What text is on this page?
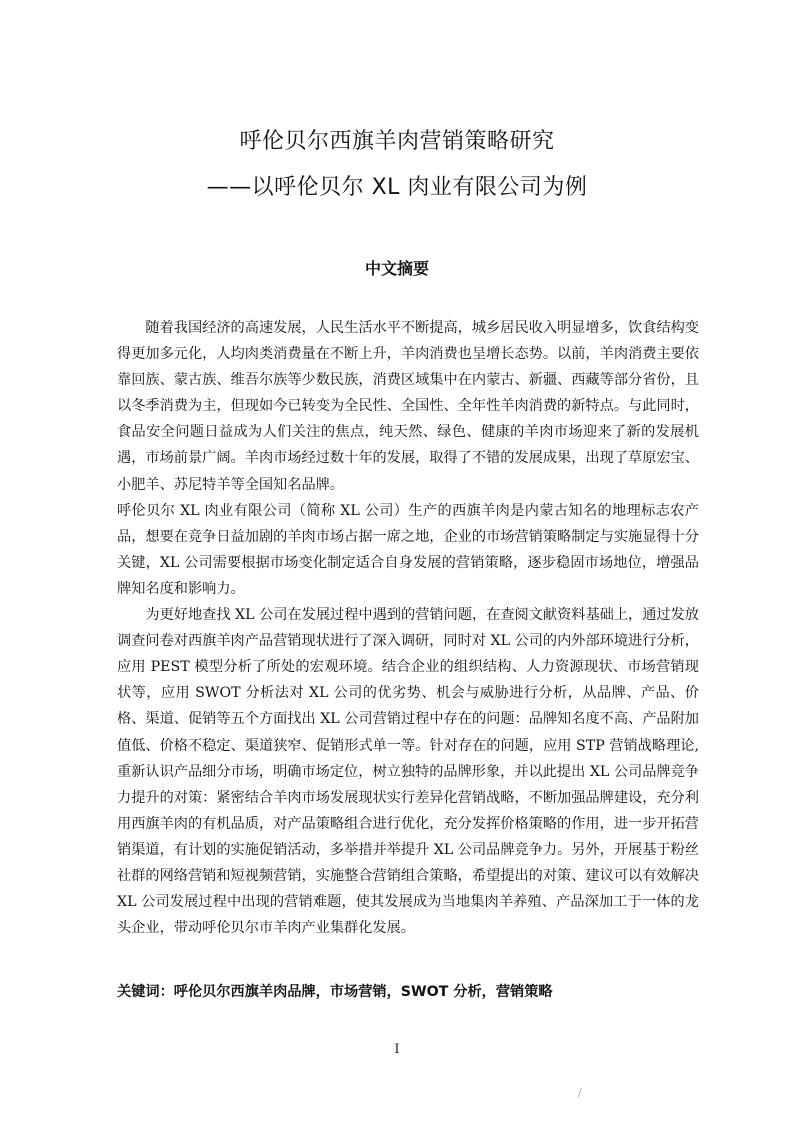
呼伦贝尔西旗羊肉营销策略研究
——以呼伦贝尔 XL 肉业有限公司为例
中文摘要

随着我国经济的高速发展，人民生活水平不断提高，城乡居民收入明显增多，饮食结构变得更加多元化，人均肉类消费量在不断上升，羊肉消费也呈增长态势。以前，羊肉消费主要依靠回族、蒙古族、维吾尔族等少数民族，消费区域集中在内蒙古、新疆、西藏等部分省份，且以冬季消费为主，但现如今已转变为全民性、全国性、全年性羊肉消费的新特点。与此同时，食品安全问题日益成为人们关注的焦点，纯天然、绿色、健康的羊肉市场迎来了新的发展机遇，市场前景广阔。羊肉市场经过数十年的发展，取得了不错的发展成果，出现了草原宏宝、小肥羊、苏尼特羊等全国知名品牌。

呼伦贝尔 XL 肉业有限公司（简称 XL 公司）生产的西旗羊肉是内蒙古知名的地理标志农产品，想要在竞争日益加剧的羊肉市场占据一席之地，企业的市场营销策略制定与实施显得十分关键，XL 公司需要根据市场变化制定适合自身发展的营销策略，逐步稳固市场地位，增强品牌知名度和影响力。

为更好地查找 XL 公司在发展过程中遇到的营销问题，在查阅文献资料基础上，通过发放调查问卷对西旗羊肉产品营销现状进行了深入调研，同时对 XL 公司的内外部环境进行分析，应用 PEST 模型分析了所处的宏观环境。结合企业的组织结构、人力资源现状、市场营销现状等，应用 SWOT 分析法对 XL 公司的优劣势、机会与威胁进行分析，从品牌、产品、价格、渠道、促销等五个方面找出 XL 公司营销过程中存在的问题：品牌知名度不高、产品附加值低、价格不稳定、渠道狭窄、促销形式单一等。针对存在的问题，应用 STP 营销战略理论, 重新认识产品细分市场，明确市场定位，树立独特的品牌形象，并以此提出 XL 公司品牌竞争力提升的对策：紧密结合羊肉市场发展现状实行差异化营销战略，不断加强品牌建设，充分利用西旗羊肉的有机品质，对产品策略组合进行优化，充分发挥价格策略的作用，进一步开拓营销渠道，有计划的实施促销活动，多举措并举提升 XL 公司品牌竞争力。另外，开展基于粉丝社群的网络营销和短视频营销，实施整合营销组合策略，希望提出的对策、建议可以有效解决 XL 公司发展过程中出现的营销难题，使其发展成为当地集肉羊养殖、产品深加工于一体的龙头企业，带动呼伦贝尔市羊肉产业集群化发展。

关键词：呼伦贝尔西旗羊肉品牌，市场营销，SWOT 分析，营销策略
I
/
